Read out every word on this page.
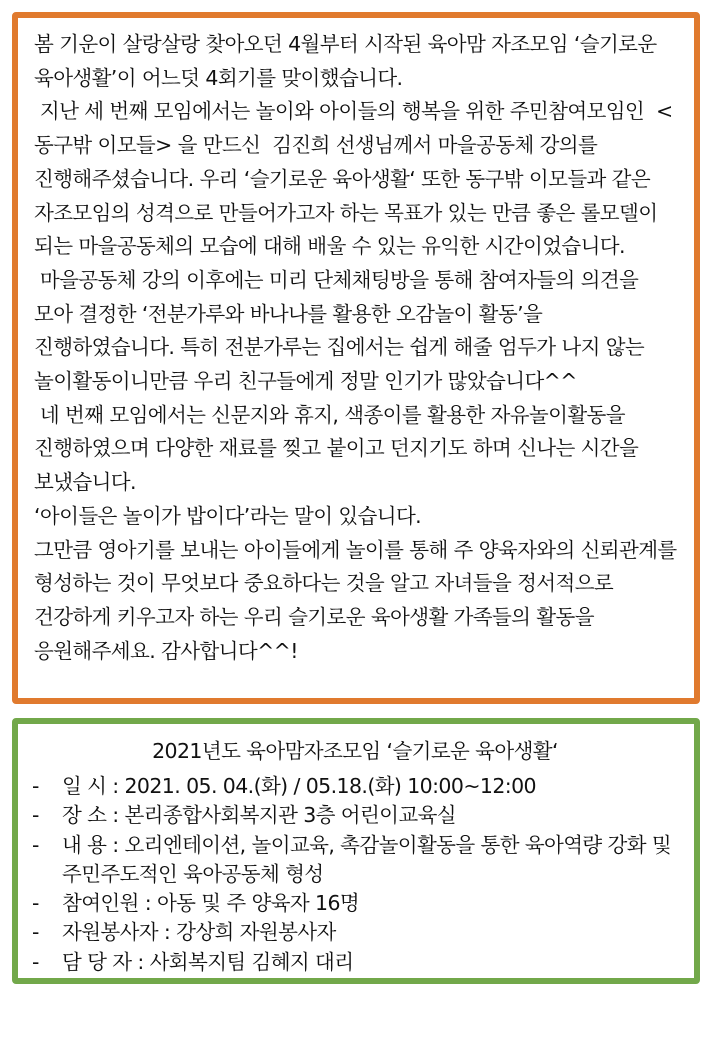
봄 기운이 살랑살랑 찾아오던 4월부터 시작된 육아맘 자조모임 ‘슬기로운 육아생활’이 어느덧 4회기를 맞이했습니다.

지난 세 번째 모임에서는 놀이와 아이들의 행복을 위한 주민참여모임인  <동구밖 이모들> 을 만드신  김진희 선생님께서 마을공동체 강의를 진행해주셨습니다. 우리 ‘슬기로운 육아생활‘ 또한 동구밖 이모들과 같은 자조모임의 성격으로 만들어가고자 하는 목표가 있는 만큼 좋은 롤모델이 되는 마을공동체의 모습에 대해 배울 수 있는 유익한 시간이었습니다.

마을공동체 강의 이후에는 미리 단체채팅방을 통해 참여자들의 의견을 모아 결정한 ‘전분가루와 바나나를 활용한 오감놀이 활동’을 진행하였습니다. 특히 전분가루는 집에서는 쉽게 해줄 엄두가 나지 않는 놀이활동이니만큼 우리 친구들에게 정말 인기가 많았습니다^^

네 번째 모임에서는 신문지와 휴지, 색종이를 활용한 자유놀이활동을 진행하였으며 다양한 재료를 찢고 붙이고 던지기도 하며 신나는 시간을 보냈습니다.

‘아이들은 놀이가 밥이다’라는 말이 있습니다.

그만큼 영아기를 보내는 아이들에게 놀이를 통해 주 양육자와의 신뢰관계를 형성하는 것이 무엇보다 중요하다는 것을 알고 자녀들을 정서적으로 건강하게 키우고자 하는 우리 슬기로운 육아생활 가족들의 활동을 응원해주세요. 감사합니다^^!

2021년도 육아맘자조모임 ‘슬기로운 육아생활‘

-	일 시 : 2021. 05. 04.(화) / 05.18.(화) 10:00~12:00
-	장 소 : 본리종합사회복지관 3층 어린이교육실
-	내 용 : 오리엔테이션, 놀이교육, 촉감놀이활동을 통한 육아역량 강화 및 주민주도적인 육아공동체 형성
-	참여인원 : 아동 및 주 양육자 16명
-	자원봉사자 : 강상희 자원봉사자
-	담 당 자 : 사회복지팀 김혜지 대리
